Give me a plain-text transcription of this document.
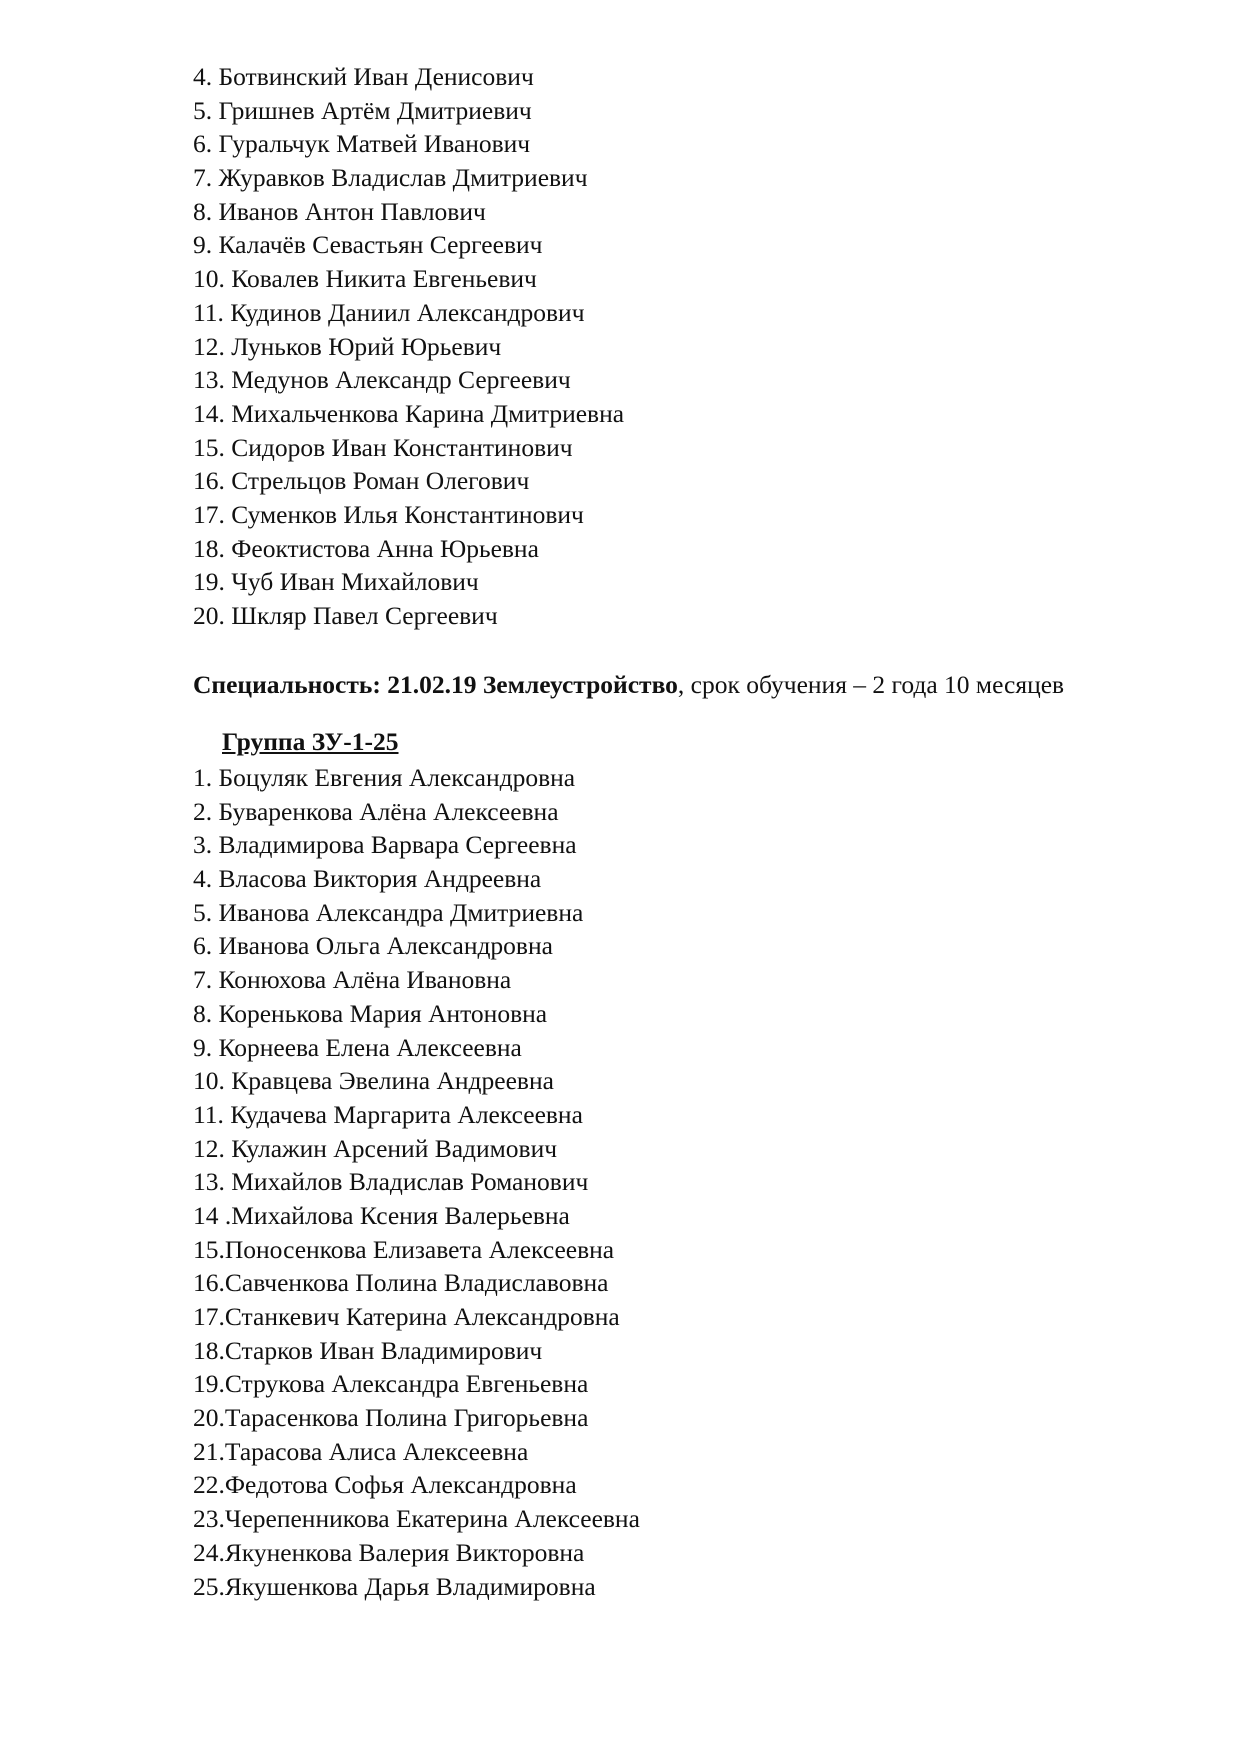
4. Ботвинский Иван Денисович
5. Гришнев Артём Дмитриевич
6. Гуральчук Матвей Иванович
7. Журавков Владислав Дмитриевич
8. Иванов Антон Павлович
9. Калачёв Севастьян Сергеевич
10. Ковалев Никита Евгеньевич
11. Кудинов Даниил Александрович
12. Луньков Юрий Юрьевич
13. Медунов Александр Сергеевич
14. Михальченкова Карина Дмитриевна
15. Сидоров Иван Константинович
16. Стрельцов Роман Олегович
17. Суменков Илья Константинович
18. Феоктистова Анна Юрьевна
19. Чуб Иван Михайлович
20. Шкляр Павел Сергеевич
Специальность: 21.02.19 Землеустройство, срок обучения – 2 года 10 месяцев
Группа ЗУ-1-25
1. Боцуляк Евгения Александровна
2. Буваренкова Алёна Алексеевна
3. Владимирова Варвара Сергеевна
4. Власова Виктория Андреевна
5. Иванова Александра Дмитриевна
6. Иванова Ольга Александровна
7. Конюхова Алёна Ивановна
8. Коренькова Мария Антоновна
9. Корнеева Елена Алексеевна
10. Кравцева Эвелина Андреевна
11. Кудачева Маргарита Алексеевна
12. Кулажин Арсений Вадимович
13. Михайлов Владислав Романович
14 .Михайлова Ксения Валерьевна
15.Поносенкова Елизавета Алексеевна
16.Савченкова Полина Владиславовна
17.Станкевич Катерина Александровна
18.Старков Иван Владимирович
19.Струкова Александра Евгеньевна
20.Тарасенкова Полина Григорьевна
21.Тарасова Алиса Алексеевна
22.Федотова Софья Александровна
23.Черепенникова Екатерина Алексеевна
24.Якуненкова Валерия Викторовна
25.Якушенкова Дарья Владимировна
